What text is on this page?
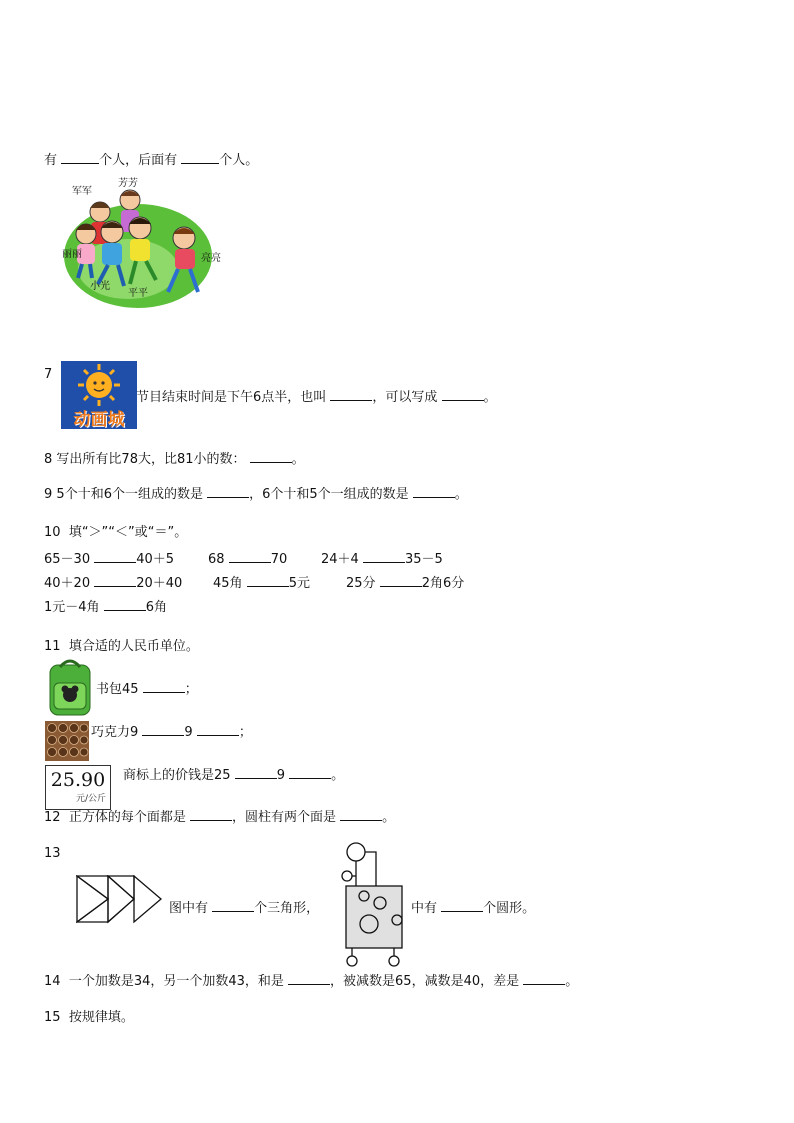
有	个人，后面有	个人。
军军
芳芳
丽丽
小光
平平
亮亮
7
动画城
节目结束时间是下午6点半，也叫	，可以写成	。
8 写出所有比78大，比81小的数：	。
9 5个十和6个一组成的数是	，6个十和5个一组成的数是	。
10 填“＞”“＜”或“＝”。
65－30	40＋5	68	70	24＋4	35－5
40＋20	20＋40 45角	5元	25分	2角6分
1元－4角	6角
11 填合适的人民币单位。
书包45	；
巧克力9	9	；
25.90
元/公斤
商标上的价钱是25	9	。
12 正方体的每个面都是	，圆柱有两个面是	。
13
图中有	个三角形，	中有	个圆形。
14 一个加数是34，另一个加数43，和是	，被减数是65，减数是40，差是	。
15 按规律填。
